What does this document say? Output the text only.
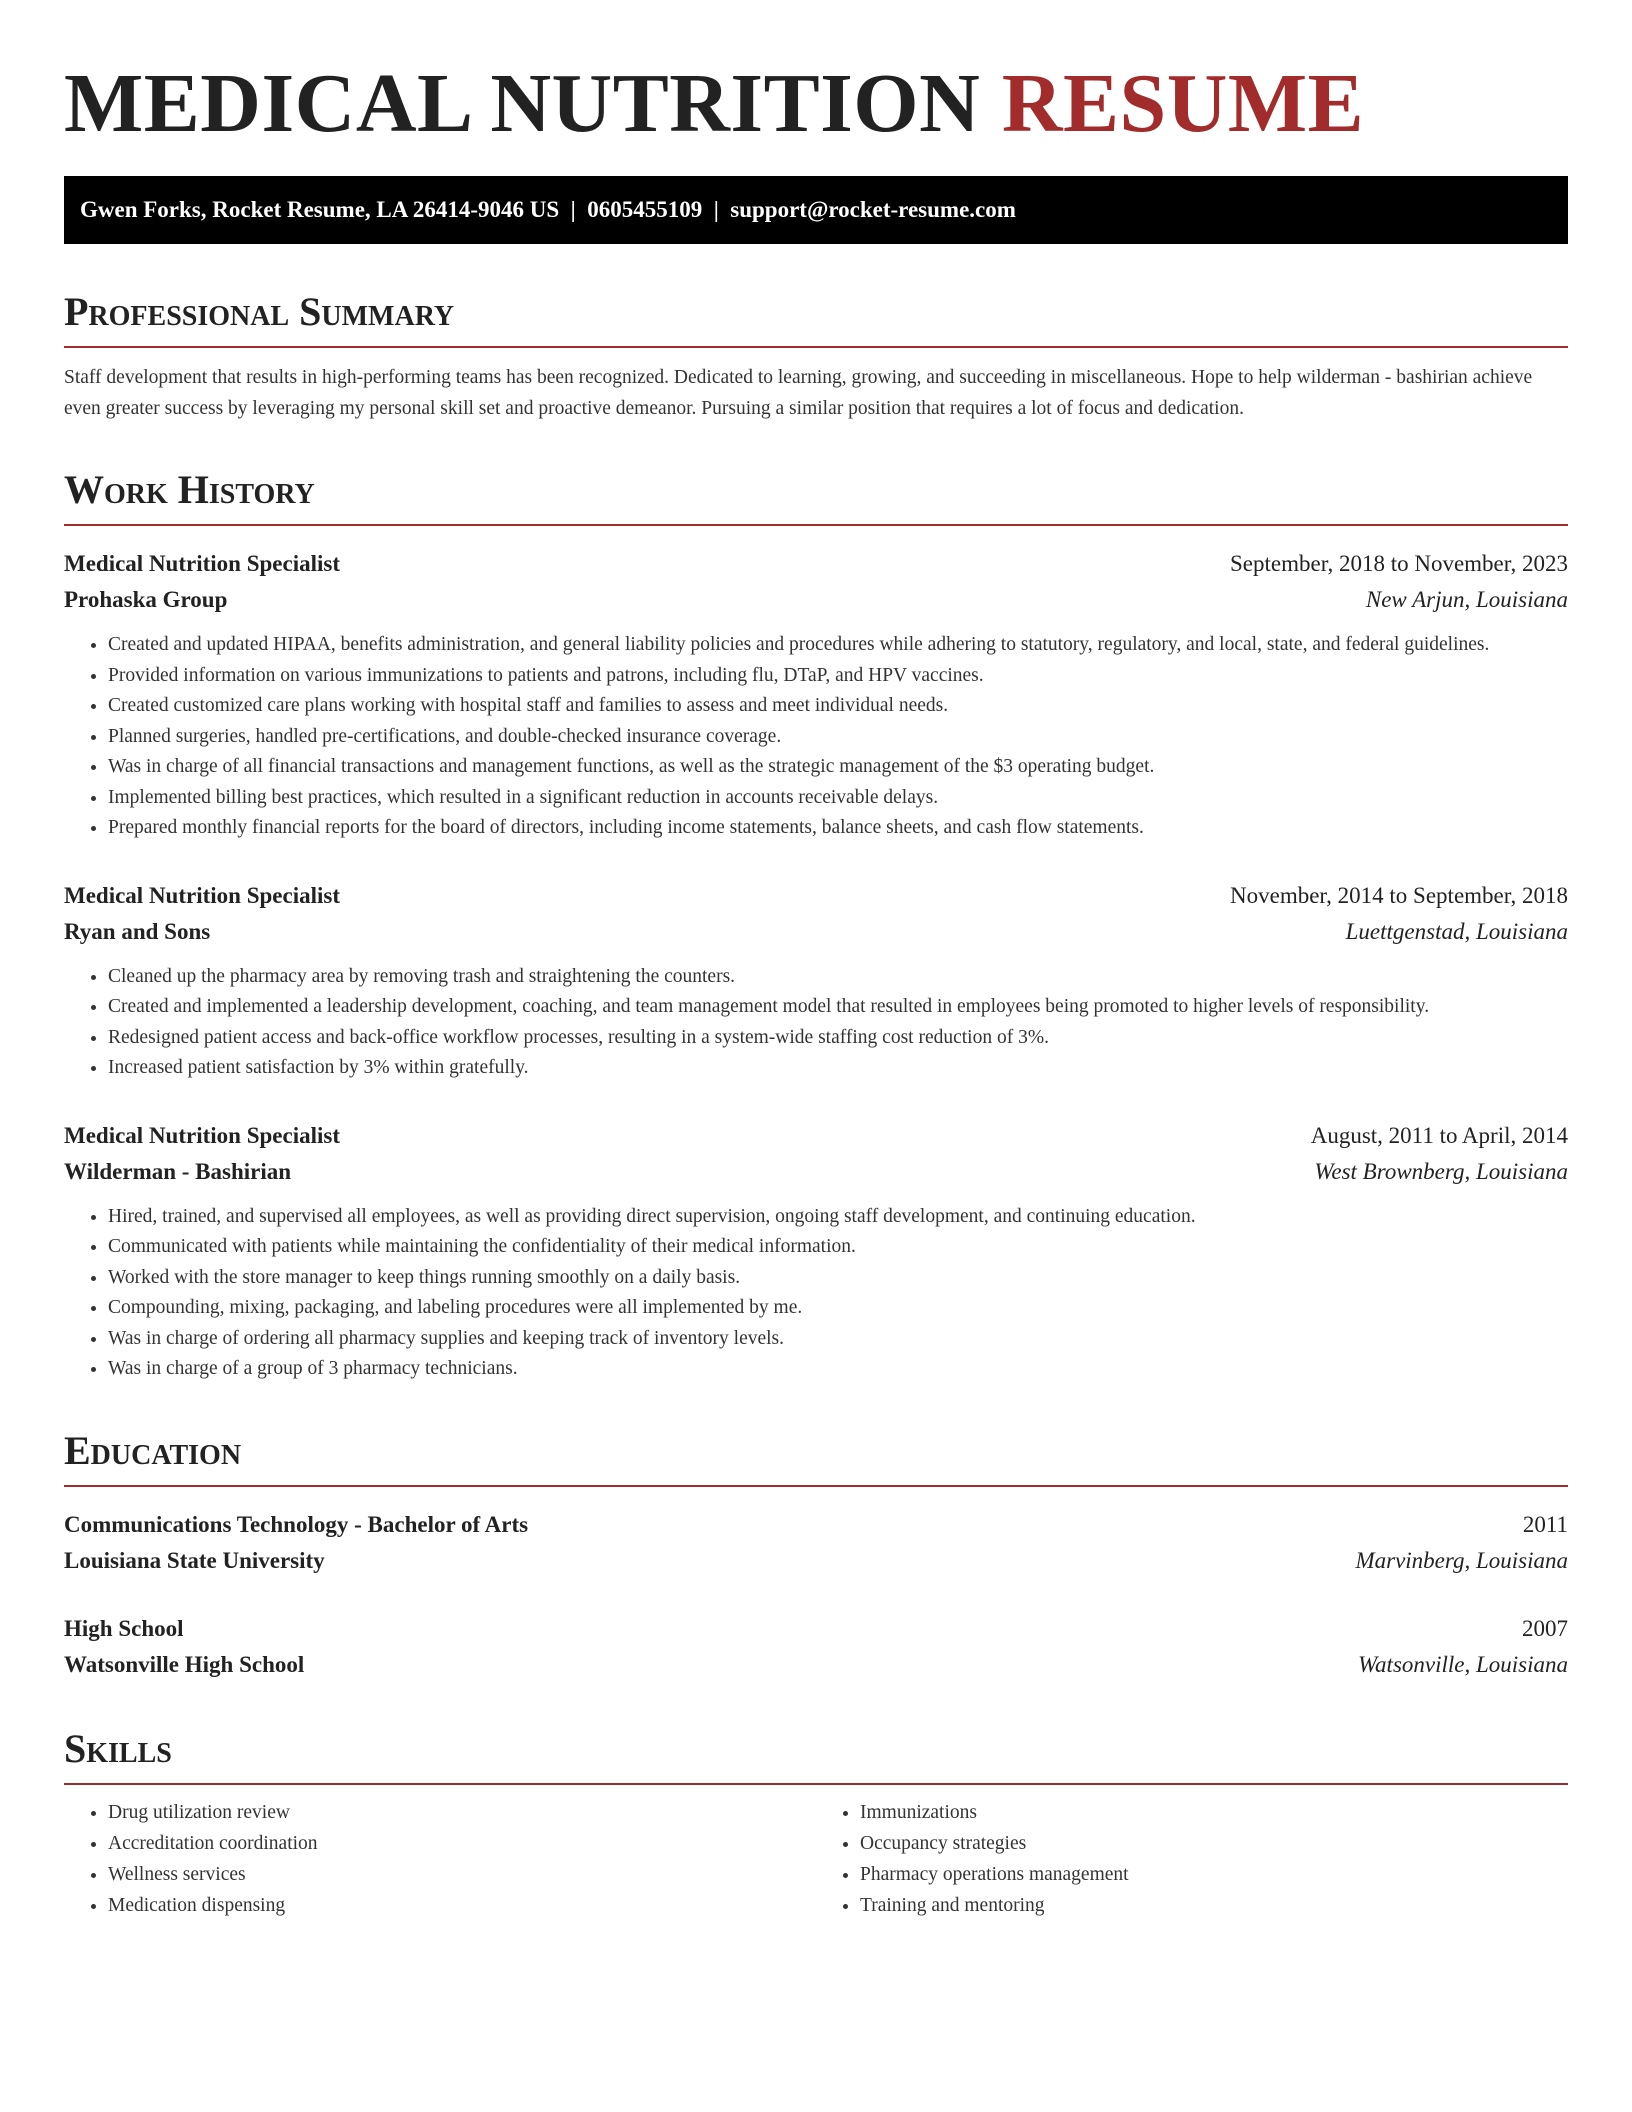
MEDICAL NUTRITION RESUME
Gwen Forks, Rocket Resume, LA 26414-9046 US  |  0605455109  |  support@rocket-resume.com
Professional Summary
Staff development that results in high-performing teams has been recognized. Dedicated to learning, growing, and succeeding in miscellaneous. Hope to help wilderman - bashirian achieve even greater success by leveraging my personal skill set and proactive demeanor. Pursuing a similar position that requires a lot of focus and dedication.
Work History
Medical Nutrition Specialist	September, 2018 to November, 2023
Prohaska Group	New Arjun, Louisiana
• Created and updated HIPAA, benefits administration, and general liability policies and procedures while adhering to statutory, regulatory, and local, state, and federal guidelines.
• Provided information on various immunizations to patients and patrons, including flu, DTaP, and HPV vaccines.
• Created customized care plans working with hospital staff and families to assess and meet individual needs.
• Planned surgeries, handled pre-certifications, and double-checked insurance coverage.
• Was in charge of all financial transactions and management functions, as well as the strategic management of the $3 operating budget.
• Implemented billing best practices, which resulted in a significant reduction in accounts receivable delays.
• Prepared monthly financial reports for the board of directors, including income statements, balance sheets, and cash flow statements.
Medical Nutrition Specialist	November, 2014 to September, 2018
Ryan and Sons	Luettgenstad, Louisiana
• Cleaned up the pharmacy area by removing trash and straightening the counters.
• Created and implemented a leadership development, coaching, and team management model that resulted in employees being promoted to higher levels of responsibility.
• Redesigned patient access and back-office workflow processes, resulting in a system-wide staffing cost reduction of 3%.
• Increased patient satisfaction by 3% within gratefully.
Medical Nutrition Specialist	August, 2011 to April, 2014
Wilderman - Bashirian	West Brownberg, Louisiana
• Hired, trained, and supervised all employees, as well as providing direct supervision, ongoing staff development, and continuing education.
• Communicated with patients while maintaining the confidentiality of their medical information.
• Worked with the store manager to keep things running smoothly on a daily basis.
• Compounding, mixing, packaging, and labeling procedures were all implemented by me.
• Was in charge of ordering all pharmacy supplies and keeping track of inventory levels.
• Was in charge of a group of 3 pharmacy technicians.
Education
Communications Technology - Bachelor of Arts	2011
Louisiana State University	Marvinberg, Louisiana
High School	2007
Watsonville High School	Watsonville, Louisiana
Skills
• Drug utilization review
• Accreditation coordination
• Wellness services
• Medication dispensing
• Immunizations
• Occupancy strategies
• Pharmacy operations management
• Training and mentoring
